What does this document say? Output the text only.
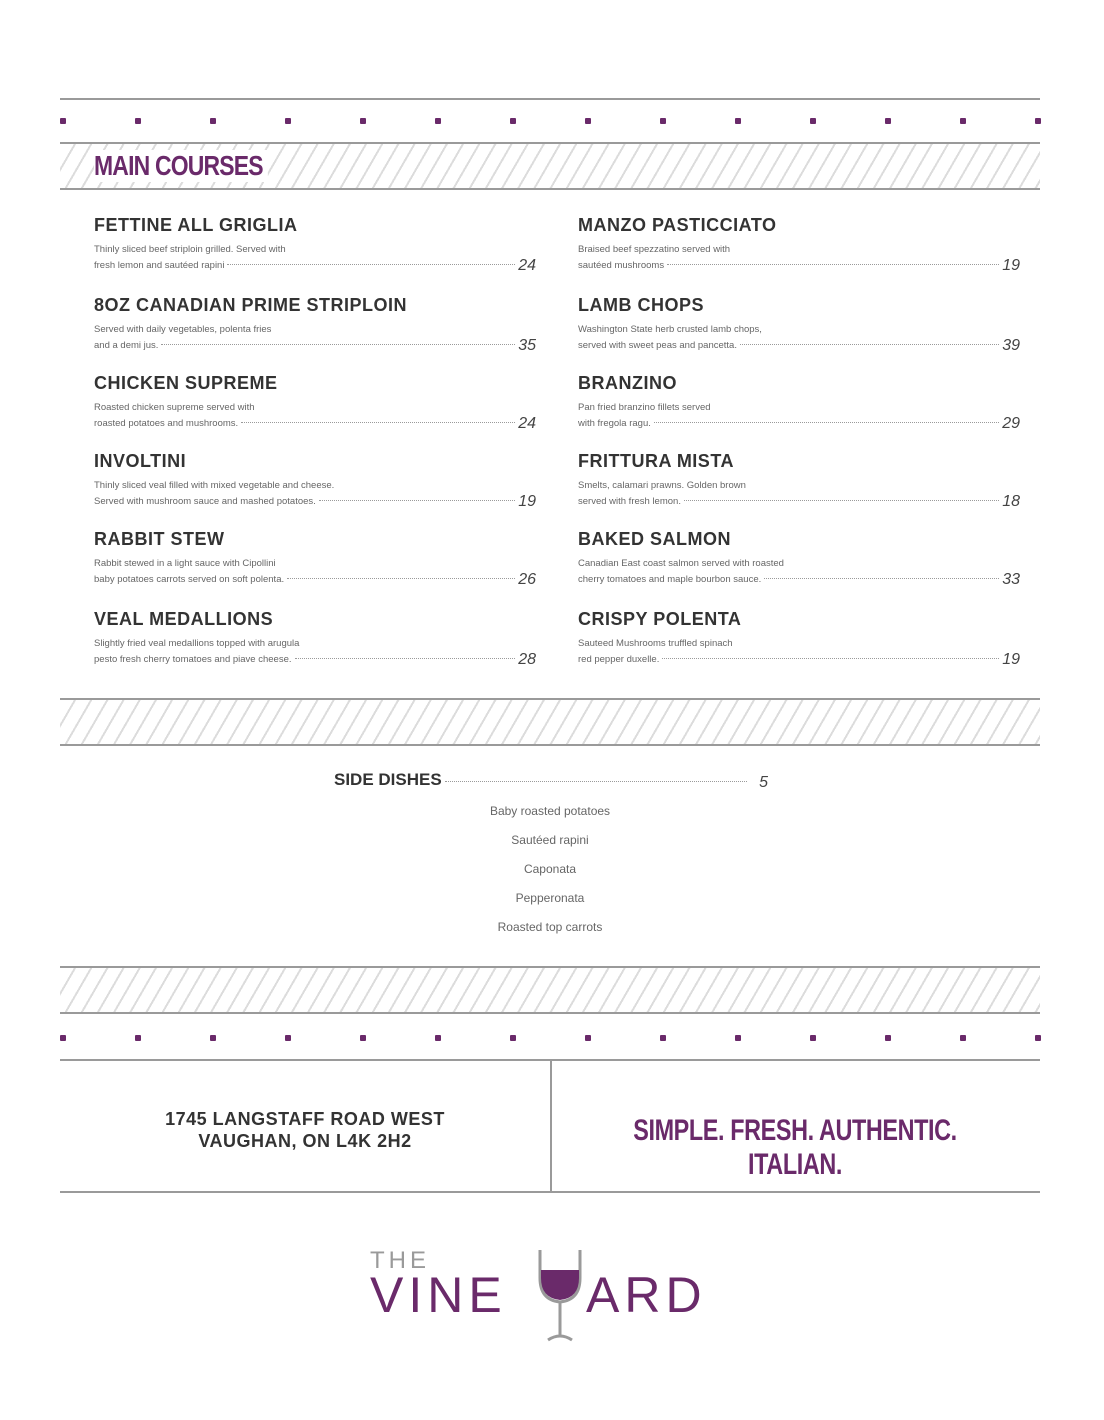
MAIN COURSES
FETTINE ALL GRIGLIA
Thinly sliced beef striploin grilled. Served with
fresh lemon and sautéed rapini	24
8OZ CANADIAN PRIME STRIPLOIN
Served with daily vegetables, polenta fries
and a demi jus.	35
CHICKEN SUPREME
Roasted chicken supreme served with
roasted potatoes and mushrooms.	24
INVOLTINI
Thinly sliced veal filled with mixed vegetable and cheese.
Served with mushroom sauce and mashed potatoes.	19
RABBIT STEW
Rabbit stewed in a light sauce with Cipollini
baby potatoes carrots served on soft polenta.	26
VEAL MEDALLIONS
Slightly fried veal medallions topped with arugula
pesto fresh cherry tomatoes and piave cheese.	28
MANZO PASTICCIATO
Braised beef spezzatino served with
sautéed mushrooms	19
LAMB CHOPS
Washington State herb crusted lamb chops,
served with sweet peas and pancetta.	39
BRANZINO
Pan fried branzino fillets served
with fregola ragu.	29
FRITTURA MISTA
Smelts, calamari prawns. Golden brown
served with fresh lemon.	18
BAKED SALMON
Canadian East coast salmon served with roasted
cherry tomatoes and maple bourbon sauce.	33
CRISPY POLENTA
Sauteed Mushrooms truffled spinach
red pepper duxelle.	19
SIDE DISHES	5
Baby roasted potatoes
Sautéed rapini
Caponata
Pepperonata
Roasted top carrots
1745 LANGSTAFF ROAD WEST
VAUGHAN, ON L4K 2H2	SIMPLE. FRESH. AUTHENTIC. ITALIAN.
THE
VINE ARD
